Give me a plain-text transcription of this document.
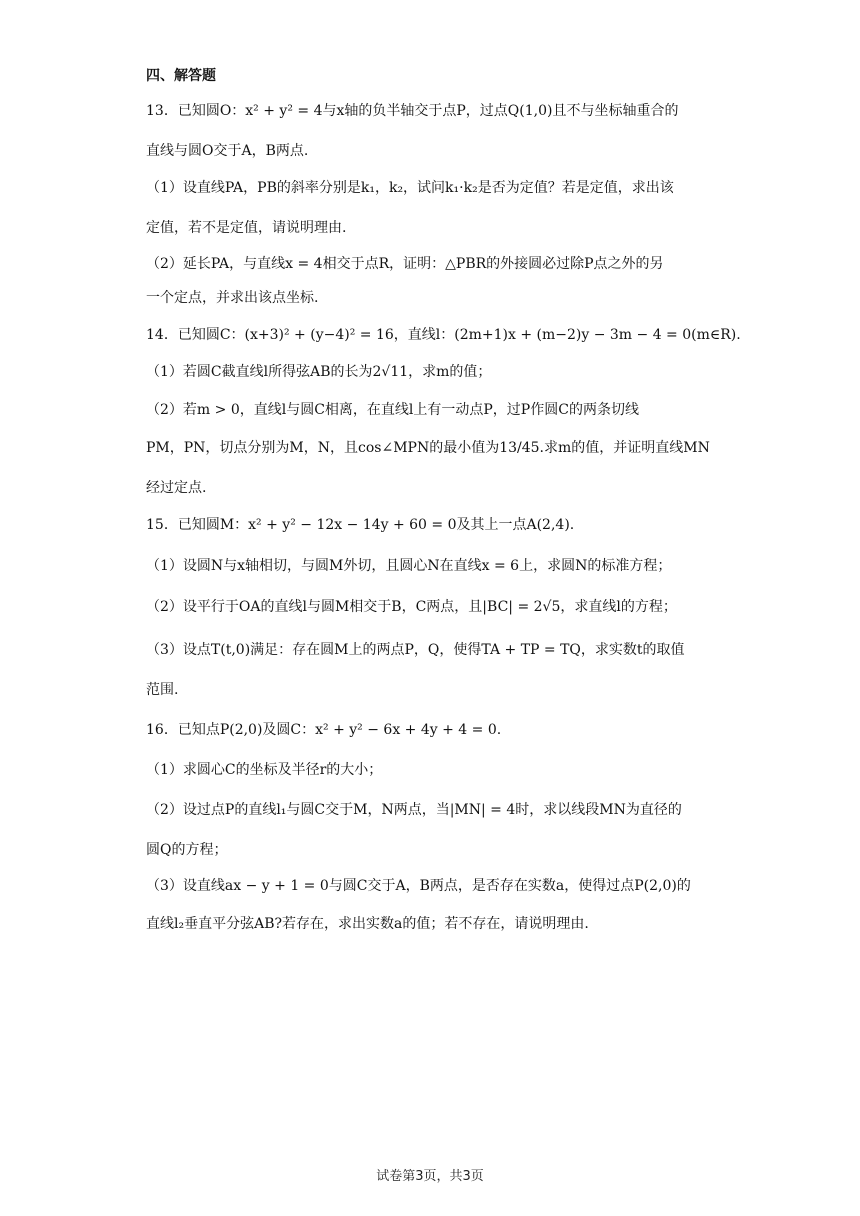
四、解答题
13．已知圆O：x² + y² = 4与x轴的负半轴交于点P，过点Q(1,0)且不与坐标轴重合的
直线与圆O交于A，B两点.
（1）设直线PA，PB的斜率分别是k₁，k₂，试问k₁·k₂是否为定值？若是定值，求出该
定值，若不是定值，请说明理由.
（2）延长PA，与直线x = 4相交于点R，证明：△PBR的外接圆必过除P点之外的另
一个定点，并求出该点坐标.
14．已知圆C：(x+3)² + (y−4)² = 16，直线l：(2m+1)x + (m−2)y − 3m − 4 = 0(m∈R).
（1）若圆C截直线l所得弦AB的长为2√11，求m的值；
（2）若m > 0，直线l与圆C相离，在直线l上有一动点P，过P作圆C的两条切线
PM，PN，切点分别为M，N，且cos∠MPN的最小值为13/45.求m的值，并证明直线MN
经过定点.
15．已知圆M：x² + y² − 12x − 14y + 60 = 0及其上一点A(2,4).
（1）设圆N与x轴相切，与圆M外切，且圆心N在直线x = 6上，求圆N的标准方程；
（2）设平行于OA的直线l与圆M相交于B，C两点，且|BC| = 2√5，求直线l的方程；
（3）设点T(t,0)满足：存在圆M上的两点P，Q，使得TA + TP = TQ，求实数t的取值
范围.
16．已知点P(2,0)及圆C：x² + y² − 6x + 4y + 4 = 0.
（1）求圆心C的坐标及半径r的大小；
（2）设过点P的直线l₁与圆C交于M，N两点，当|MN| = 4时，求以线段MN为直径的
圆Q的方程；
（3）设直线ax − y + 1 = 0与圆C交于A，B两点，是否存在实数a，使得过点P(2,0)的
直线l₂垂直平分弦AB?若存在，求出实数a的值；若不存在，请说明理由.
试卷第3页，共3页
